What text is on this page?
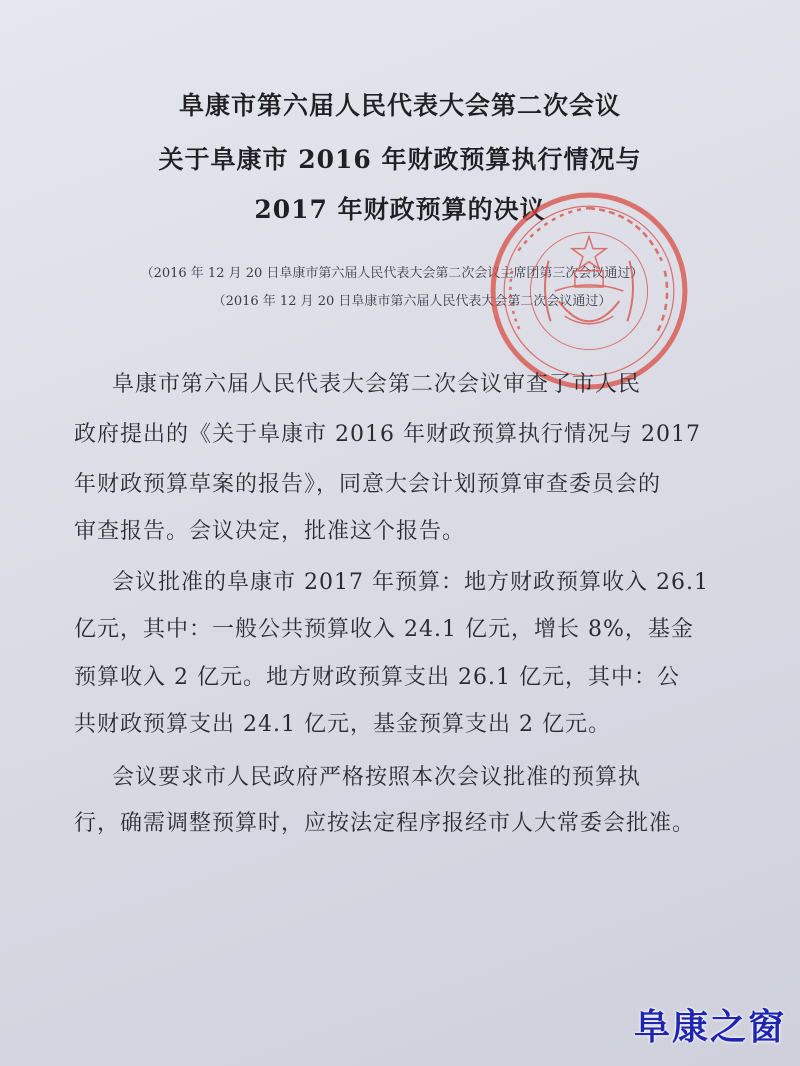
阜康市第六届人民代表大会第二次会议
关于阜康市 2016 年财政预算执行情况与
2017 年财政预算的决议
（2016 年 12 月 20 日阜康市第六届人民代表大会第二次会议主席团第三次会议通过）
（2016 年 12 月 20 日阜康市第六届人民代表大会第二次会议通过）
阜康市第六届人民代表大会第二次会议审查了市人民
政府提出的《关于阜康市 2016 年财政预算执行情况与 2017
年财政预算草案的报告》，同意大会计划预算审查委员会的
审查报告。会议决定，批准这个报告。
会议批准的阜康市 2017 年预算：地方财政预算收入 26.1
亿元，其中：一般公共预算收入 24.1 亿元，增长 8%，基金
预算收入 2 亿元。地方财政预算支出 26.1 亿元，其中：公
共财政预算支出 24.1 亿元，基金预算支出 2 亿元。
会议要求市人民政府严格按照本次会议批准的预算执
行，确需调整预算时，应按法定程序报经市人大常委会批准。
阜康之窗
